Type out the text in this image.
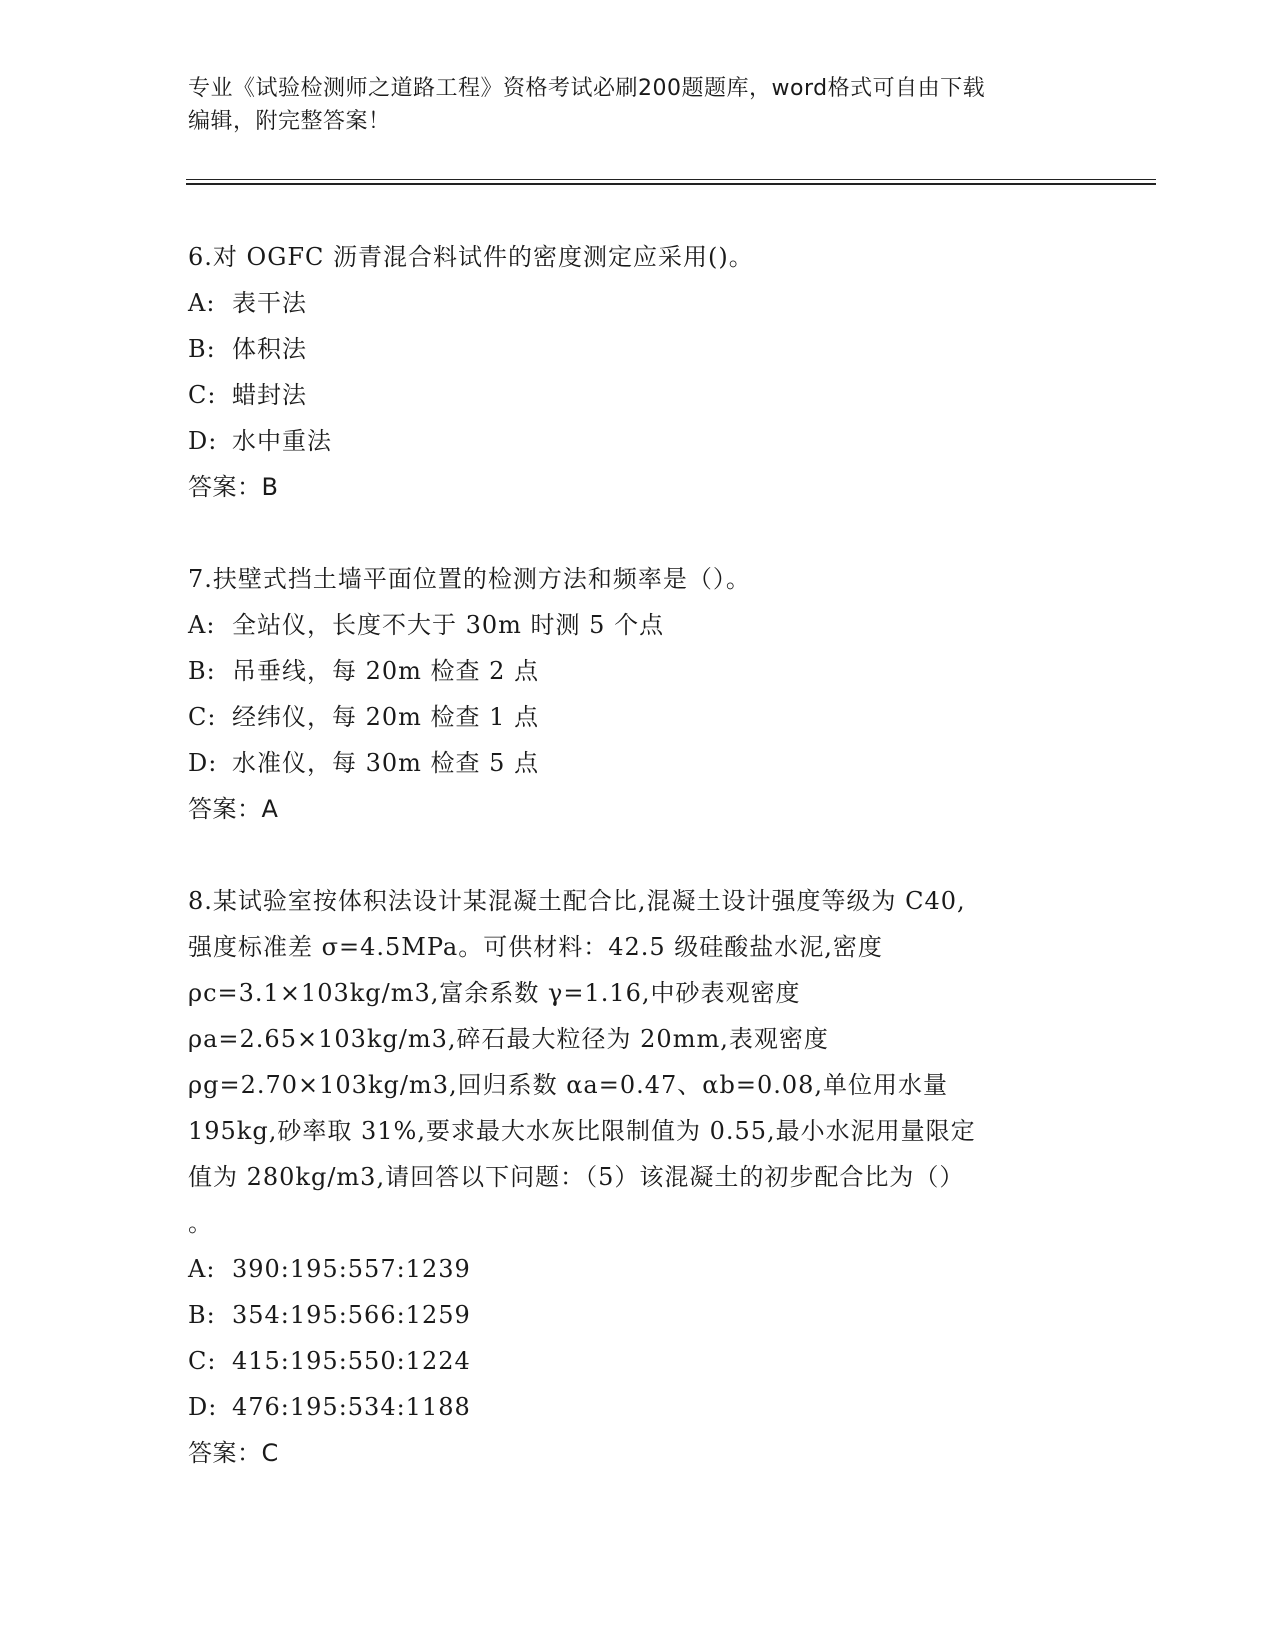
专业《试验检测师之道路工程》资格考试必刷200题题库，word格式可自由下载
编辑，附完整答案！
6.对 OGFC 沥青混合料试件的密度测定应采用()。
A: 表干法
B: 体积法
C: 蜡封法
D: 水中重法
答案：B
7.扶壁式挡土墙平面位置的检测方法和频率是（）。
A: 全站仪，长度不大于 30m 时测 5 个点
B: 吊垂线，每 20m 检查 2 点
C: 经纬仪，每 20m 检查 1 点
D: 水准仪，每 30m 检查 5 点
答案：A
8.某试验室按体积法设计某混凝土配合比,混凝土设计强度等级为 C40,
强度标准差 σ=4.5MPa。可供材料：42.5 级硅酸盐水泥,密度
ρc=3.1×103kg/m3,富余系数 γ=1.16,中砂表观密度
ρa=2.65×103kg/m3,碎石最大粒径为 20mm,表观密度
ρg=2.70×103kg/m3,回归系数 αa=0.47、αb=0.08,单位用水量
195kg,砂率取 31%,要求最大水灰比限制值为 0.55,最小水泥用量限定
值为 280kg/m3,请回答以下问题：（5）该混凝土的初步配合比为（）
。
A: 390:195:557:1239
B: 354:195:566:1259
C: 415:195:550:1224
D: 476:195:534:1188
答案：C
